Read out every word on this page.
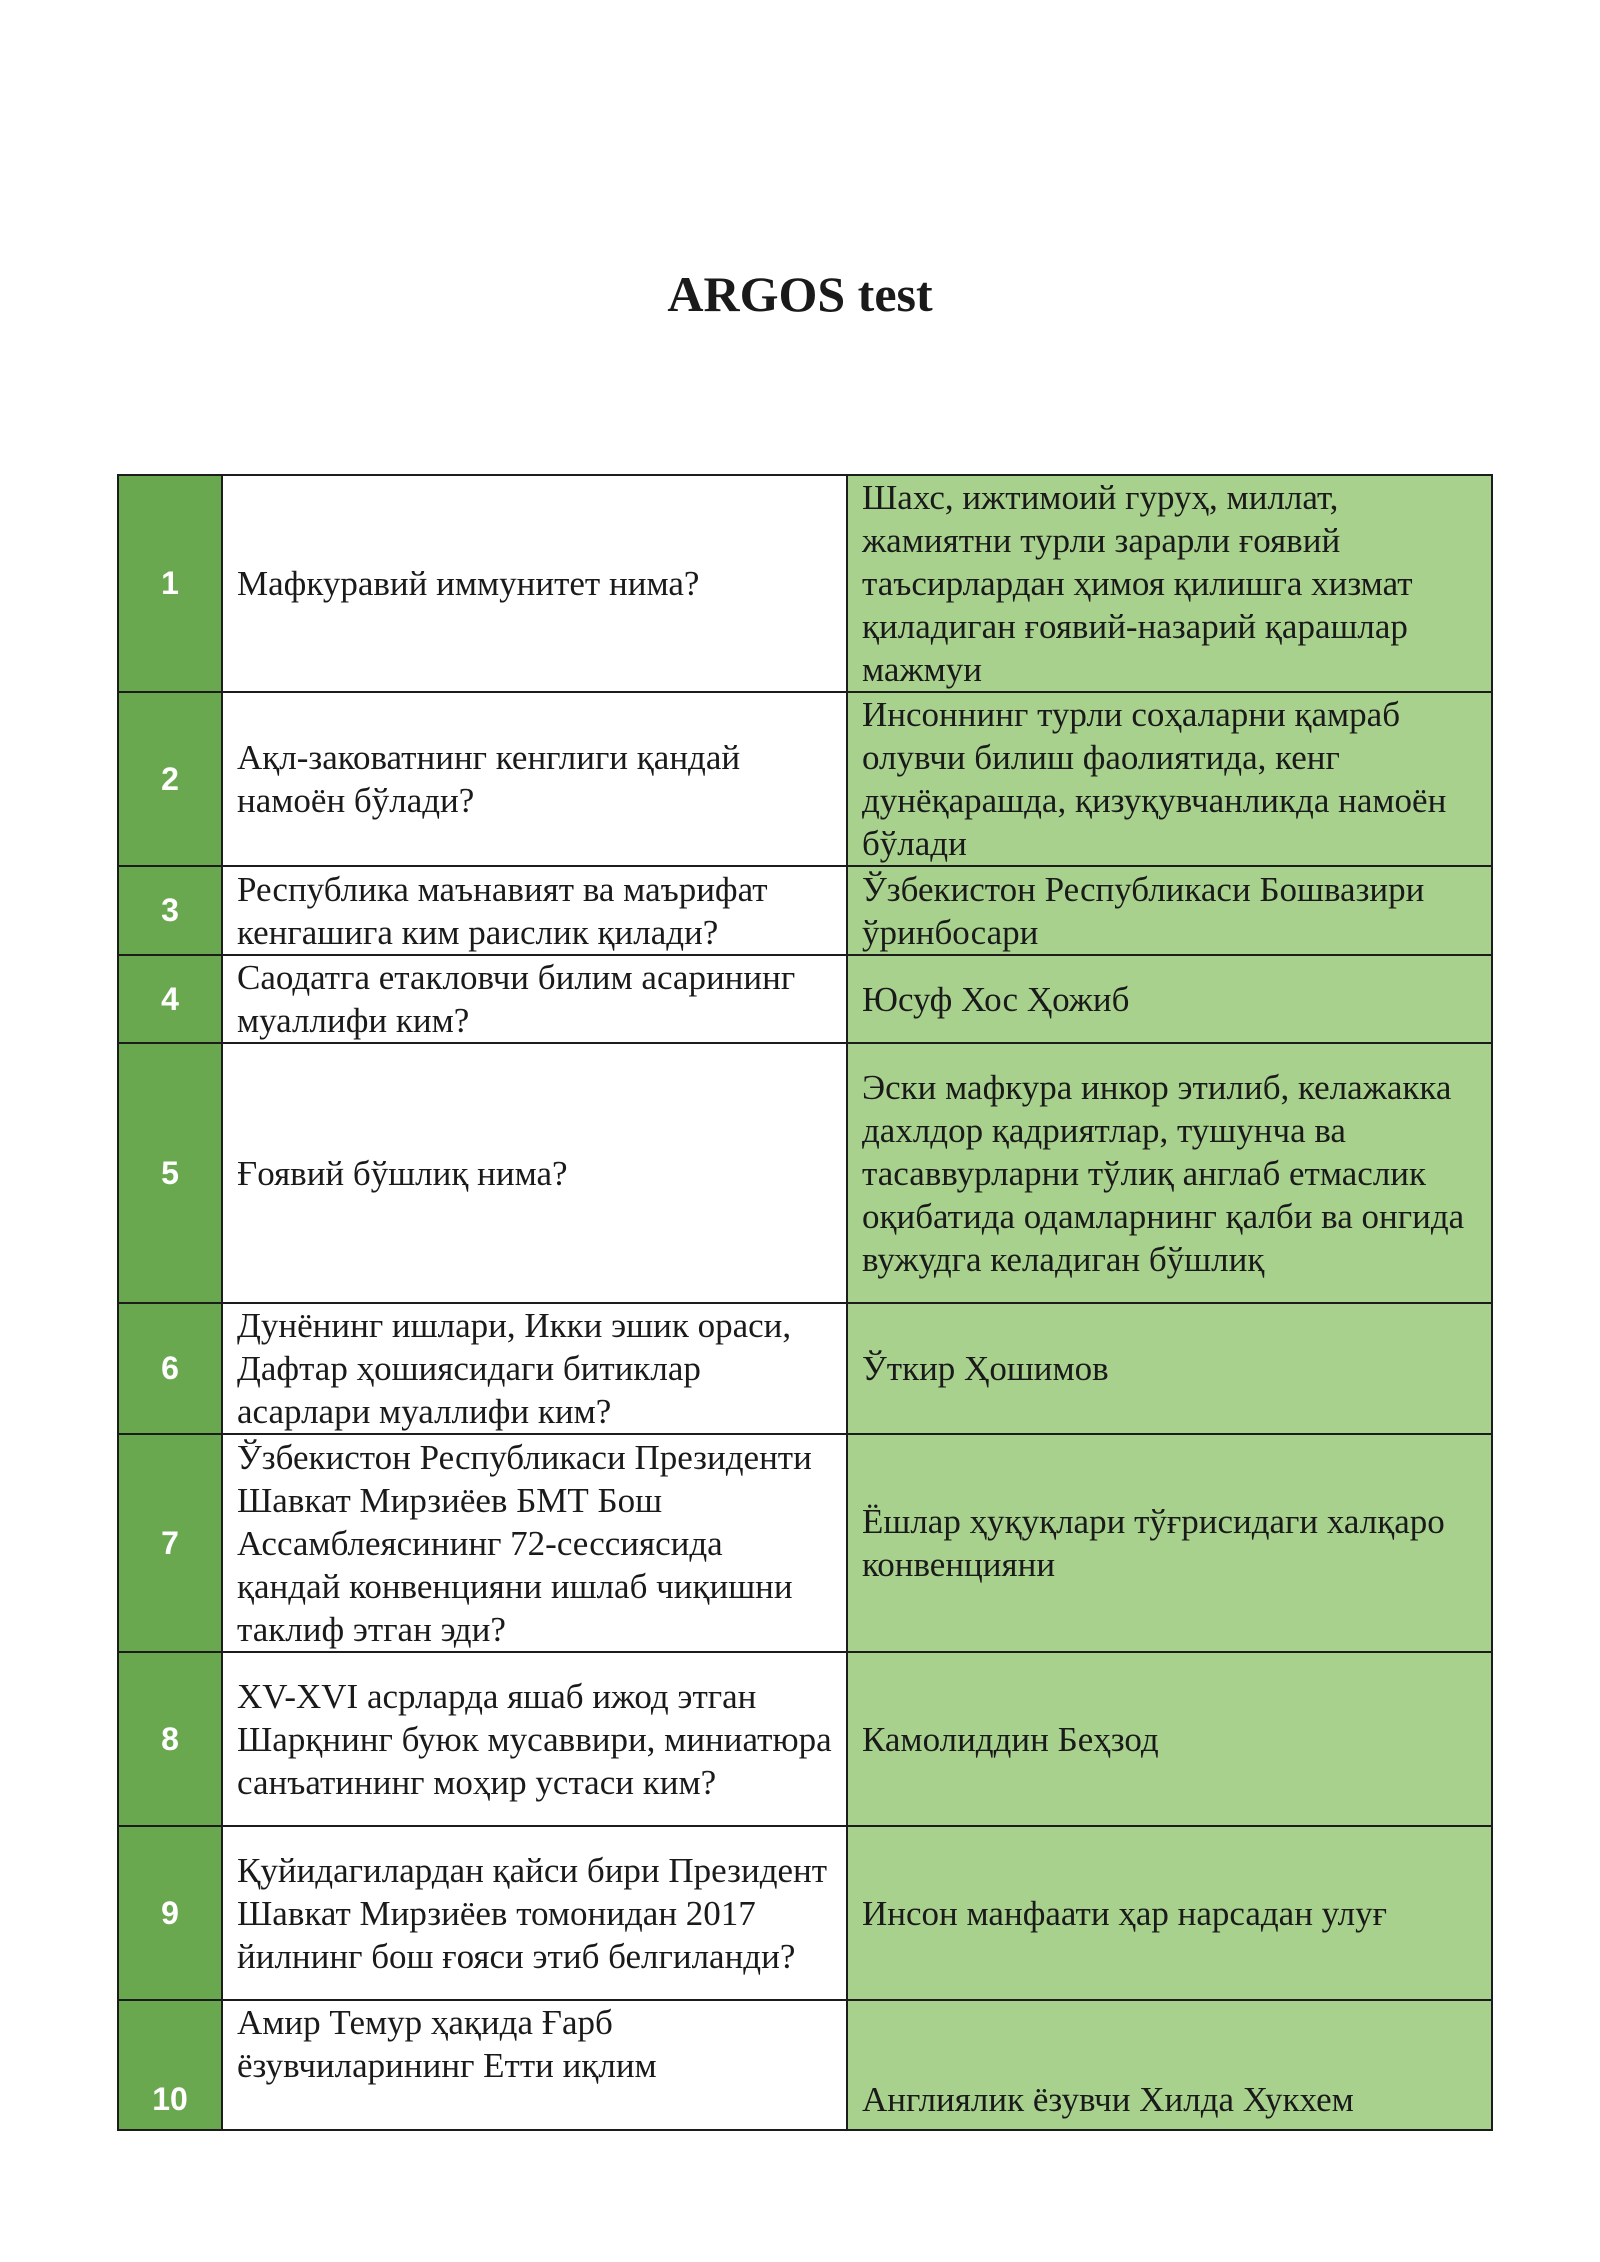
ARGOS test
1	Мафкуравий иммунитет нима?	Шахс, ижтимоий гуруҳ, миллат, жамиятни турли зарарли ғоявий таъсирлардан ҳимоя қилишга хизмат қиладиган ғоявий-назарий қарашлар мажмуи
2	Ақл-заковатнинг кенглиги қандай намоён бўлади?	Инсоннинг турли соҳаларни қамраб олувчи билиш фаолиятида, кенг дунёқарашда, қизуқувчанликда намоён бўлади
3	Республика маънавият ва маърифат кенгашига ким раислик қилади?	Ўзбекистон Республикаси Бошвазири ўринбосари
4	Саодатга етакловчи билим асарининг муаллифи ким?	Юсуф Хос Ҳожиб
5	Ғоявий бўшлиқ нима?	Эски мафкура инкор этилиб, келажакка дахлдор қадриятлар, тушунча ва тасаввурларни тўлиқ англаб етмаслик оқибатида одамларнинг қалби ва онгида вужудга келадиган бўшлиқ
6	Дунёнинг ишлари, Икки эшик ораси, Дафтар ҳошиясидаги битиклар асарлари муаллифи ким?	Ўткир Ҳошимов
7	Ўзбекистон Республикаси Президенти Шавкат Мирзиёев БМТ Бош Ассамблеясининг 72-сессиясида қандай конвенцияни ишлаб чиқишни таклиф этган эди?	Ёшлар ҳуқуқлари тўғрисидаги халқаро конвенцияни
8	XV-XVI асрларда яшаб ижод этган Шарқнинг буюк мусаввири, миниатюра санъатининг моҳир устаси ким?	Камолиддин Беҳзод
9	Қуйидагилардан қайси бири Президент Шавкат Мирзиёев томонидан 2017 йилнинг бош ғояси этиб белгиланди?	Инсон манфаати ҳар нарсадан улуғ
10	Амир Темур ҳақида Ғарб ёзувчиларининг Етти иқлим	Англиялик ёзувчи Хилда Хукхем
